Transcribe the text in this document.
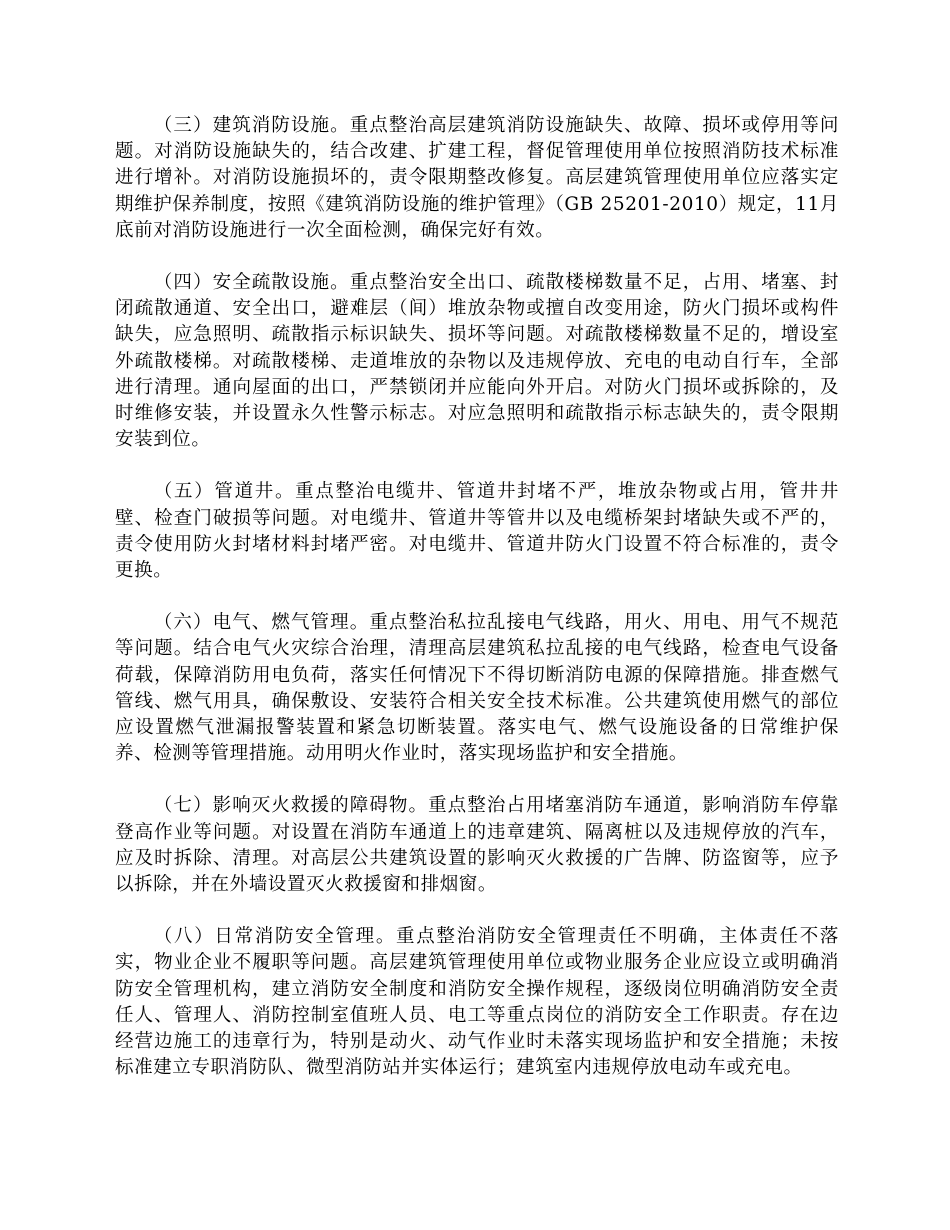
（三）建筑消防设施。重点整治高层建筑消防设施缺失、故障、损坏或停用等问题。对消防设施缺失的，结合改建、扩建工程，督促管理使用单位按照消防技术标准进行增补。对消防设施损坏的，责令限期整改修复。高层建筑管理使用单位应落实定期维护保养制度，按照《建筑消防设施的维护管理》（GB 25201-2010）规定，11月底前对消防设施进行一次全面检测，确保完好有效。

（四）安全疏散设施。重点整治安全出口、疏散楼梯数量不足，占用、堵塞、封闭疏散通道、安全出口，避难层（间）堆放杂物或擅自改变用途，防火门损坏或构件缺失，应急照明、疏散指示标识缺失、损坏等问题。对疏散楼梯数量不足的，增设室外疏散楼梯。对疏散楼梯、走道堆放的杂物以及违规停放、充电的电动自行车，全部进行清理。通向屋面的出口，严禁锁闭并应能向外开启。对防火门损坏或拆除的，及时维修安装，并设置永久性警示标志。对应急照明和疏散指示标志缺失的，责令限期安装到位。

（五）管道井。重点整治电缆井、管道井封堵不严，堆放杂物或占用，管井井壁、检查门破损等问题。对电缆井、管道井等管井以及电缆桥架封堵缺失或不严的，责令使用防火封堵材料封堵严密。对电缆井、管道井防火门设置不符合标准的，责令更换。

（六）电气、燃气管理。重点整治私拉乱接电气线路，用火、用电、用气不规范等问题。结合电气火灾综合治理，清理高层建筑私拉乱接的电气线路，检查电气设备荷载，保障消防用电负荷，落实任何情况下不得切断消防电源的保障措施。排查燃气管线、燃气用具，确保敷设、安装符合相关安全技术标准。公共建筑使用燃气的部位应设置燃气泄漏报警装置和紧急切断装置。落实电气、燃气设施设备的日常维护保养、检测等管理措施。动用明火作业时，落实现场监护和安全措施。

（七）影响灭火救援的障碍物。重点整治占用堵塞消防车通道，影响消防车停靠登高作业等问题。对设置在消防车通道上的违章建筑、隔离桩以及违规停放的汽车，应及时拆除、清理。对高层公共建筑设置的影响灭火救援的广告牌、防盗窗等，应予以拆除，并在外墙设置灭火救援窗和排烟窗。

（八）日常消防安全管理。重点整治消防安全管理责任不明确，主体责任不落实，物业企业不履职等问题。高层建筑管理使用单位或物业服务企业应设立或明确消防安全管理机构，建立消防安全制度和消防安全操作规程，逐级岗位明确消防安全责任人、管理人、消防控制室值班人员、电工等重点岗位的消防安全工作职责。存在边经营边施工的违章行为，特别是动火、动气作业时未落实现场监护和安全措施；未按标准建立专职消防队、微型消防站并实体运行；建筑室内违规停放电动车或充电。
